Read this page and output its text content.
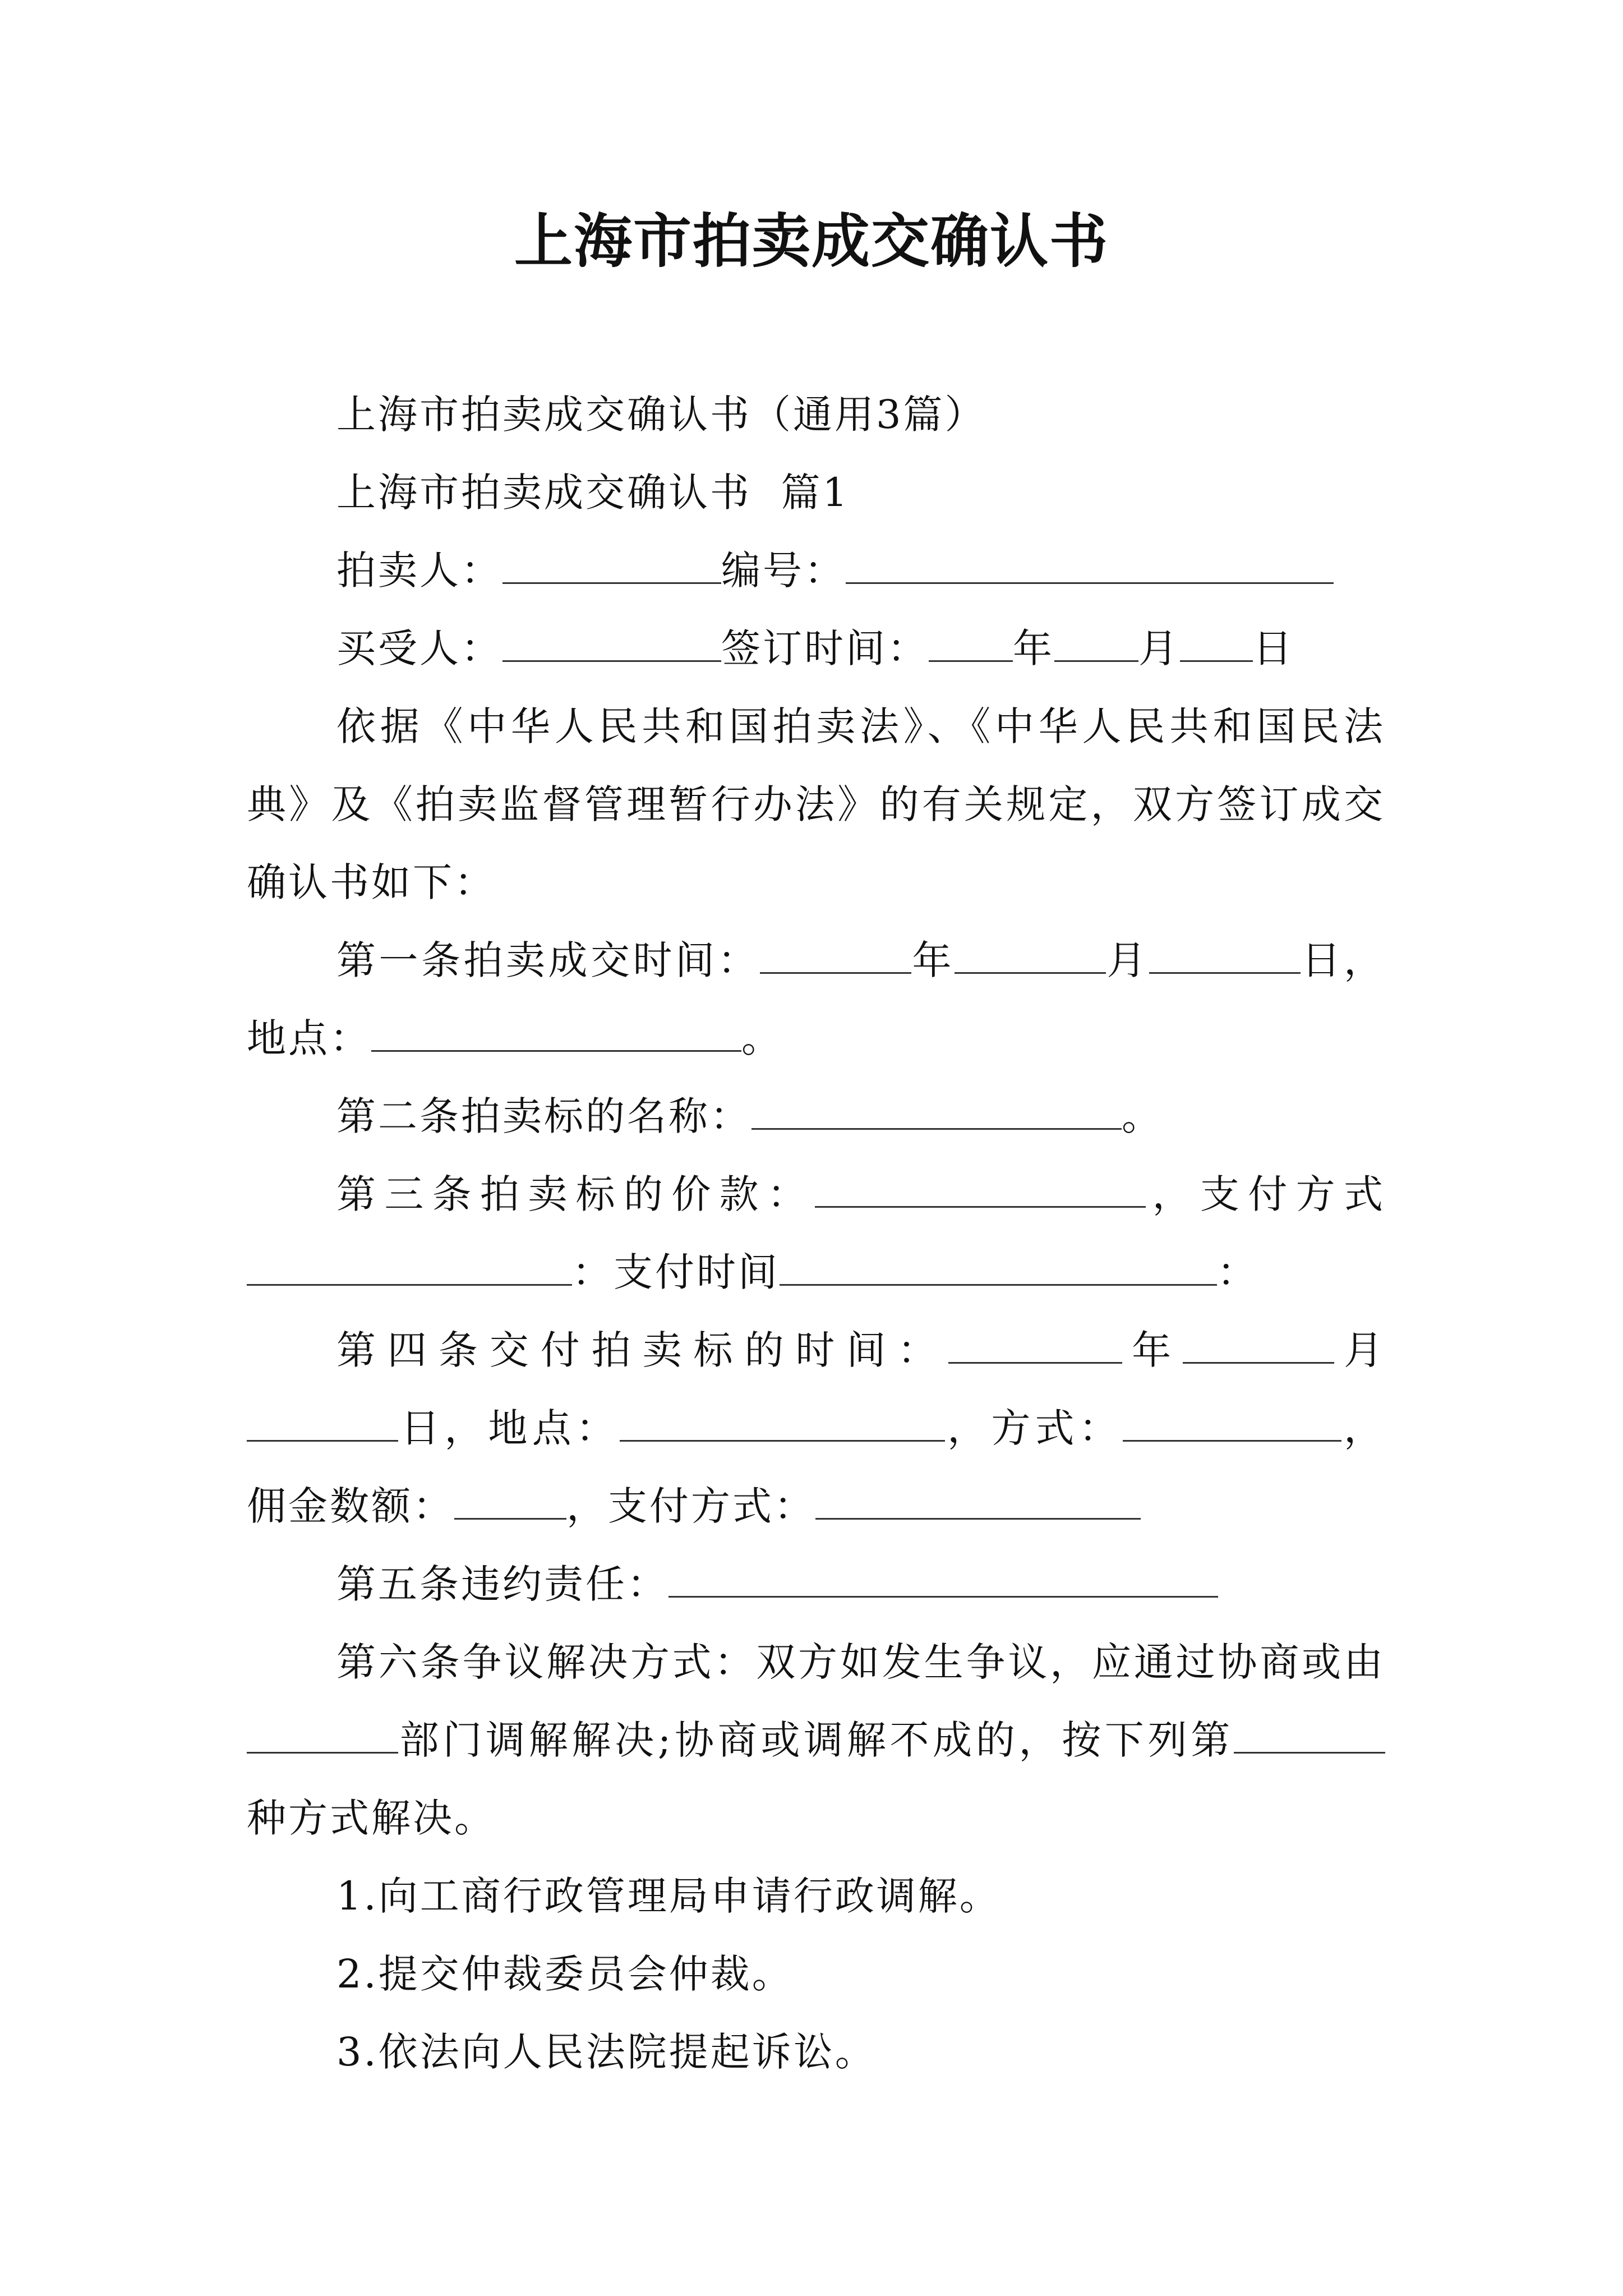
上海市拍卖成交确认书

上海市拍卖成交确认书（通用3篇）

上海市拍卖成交确认书  篇1

拍卖人：	编号：

买受人：	签订时间： 年 月 日

依据《中华人民共和国拍卖法》、《中华人民共和国民法典》及《拍卖监督管理暂行办法》的有关规定，双方签订成交确认书如下：

第一条拍卖成交时间：	年	月	日，地点：	。

第二条拍卖标的名称：	。

第三条拍卖标的价款：	，支付方式：支付时间	：

第四条交付拍卖标的时间：	年	月日，地点：	，方式：	，佣金数额：	，支付方式：

第五条违约责任：

第六条争议解决方式：双方如发生争议，应通过协商或由部门调解解决;协商或调解不成的，按下列第种方式解决。

1.向工商行政管理局申请行政调解。

2.提交仲裁委员会仲裁。

3.依法向人民法院提起诉讼。
